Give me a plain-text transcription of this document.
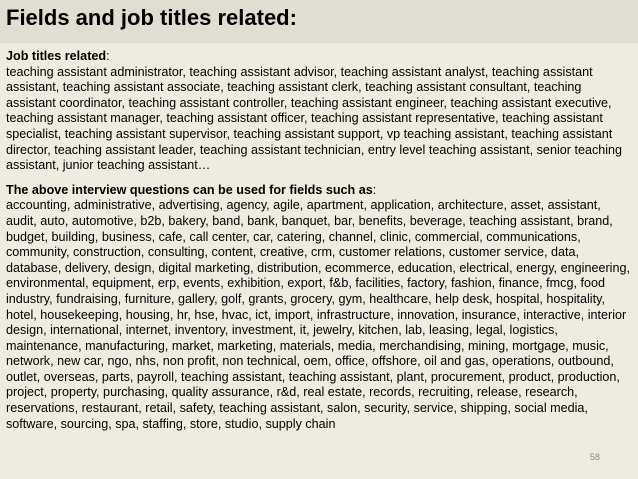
Fields and job titles related:

Job titles related:

teaching assistant administrator, teaching assistant advisor, teaching assistant analyst, teaching assistant assistant, teaching assistant associate, teaching assistant clerk, teaching assistant consultant, teaching assistant coordinator, teaching assistant controller, teaching assistant engineer, teaching assistant executive, teaching assistant manager, teaching assistant officer, teaching assistant representative, teaching assistant specialist, teaching assistant supervisor, teaching assistant support, vp teaching assistant, teaching assistant director, teaching assistant leader, teaching assistant technician, entry level teaching assistant, senior teaching assistant, junior teaching assistant…

The above interview questions can be used for fields such as:

accounting, administrative, advertising, agency, agile, apartment, application, architecture, asset, assistant, audit, auto, automotive, b2b, bakery, band, bank, banquet, bar, benefits, beverage, teaching assistant, brand, budget, building, business, cafe, call center, car, catering, channel, clinic, commercial, communications, community, construction, consulting, content, creative, crm, customer relations, customer service, data, database, delivery, design, digital marketing, distribution, ecommerce, education, electrical, energy, engineering, environmental, equipment, erp, events, exhibition, export, f&b, facilities, factory, fashion, finance, fmcg, food industry, fundraising, furniture, gallery, golf, grants, grocery, gym, healthcare, help desk, hospital, hospitality, hotel, housekeeping, housing, hr, hse, hvac, ict, import, infrastructure, innovation, insurance, interactive, interior design, international, internet, inventory, investment, it, jewelry, kitchen, lab, leasing, legal, logistics, maintenance, manufacturing, market, marketing, materials, media, merchandising, mining, mortgage, music, network, new car, ngo, nhs, non profit, non technical, oem, office, offshore, oil and gas, operations, outbound, outlet, overseas, parts, payroll, teaching assistant, teaching assistant, plant, procurement, product, production, project, property, purchasing, quality assurance, r&d, real estate, records, recruiting, release, research, reservations, restaurant, retail, safety, teaching assistant, salon, security, service, shipping, social media, software, sourcing, spa, staffing, store, studio, supply chain

58
